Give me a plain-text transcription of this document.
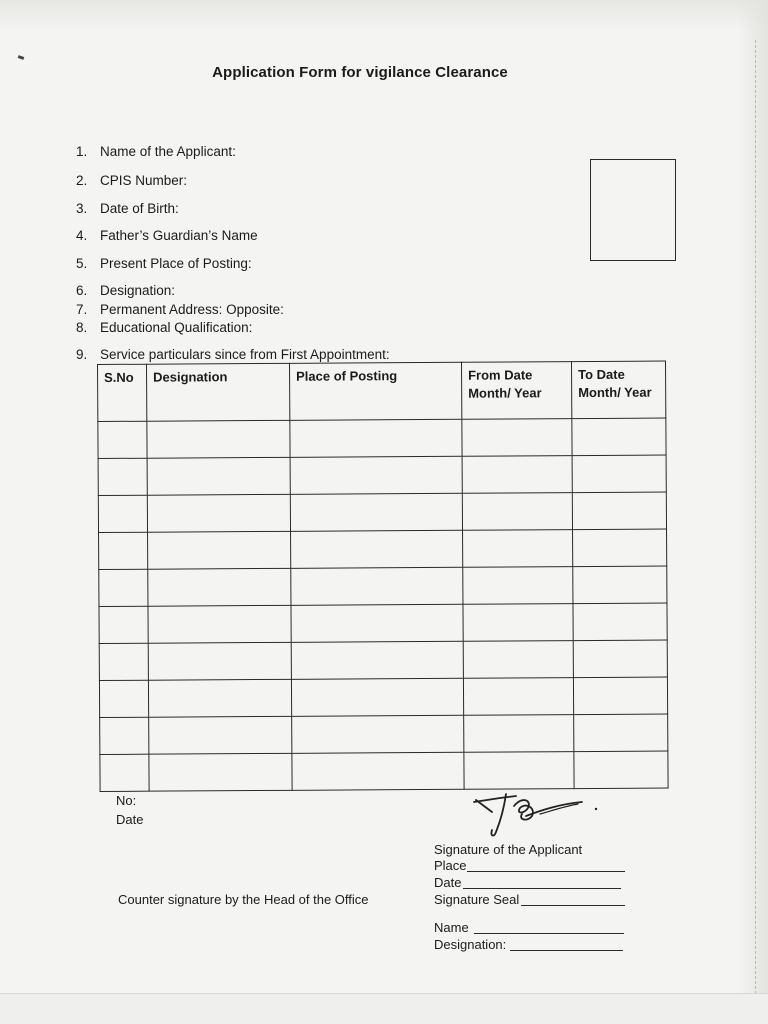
Application Form for vigilance Clearance
1. Name of the Applicant:
2. CPIS Number:
3. Date of Birth:
4. Father’s Guardian’s Name
5. Present Place of Posting:
6. Designation:
7. Permanent Address: Opposite:
8. Educational Qualification:
9. Service particulars since from First Appointment:
S.No	Designation	Place of Posting	From Date Month/ Year	To Date Month/ Year

No:
Date
Signature of the Applicant
Place
Date
Counter signature by the Head of the Office	Signature Seal
Name
Designation:
